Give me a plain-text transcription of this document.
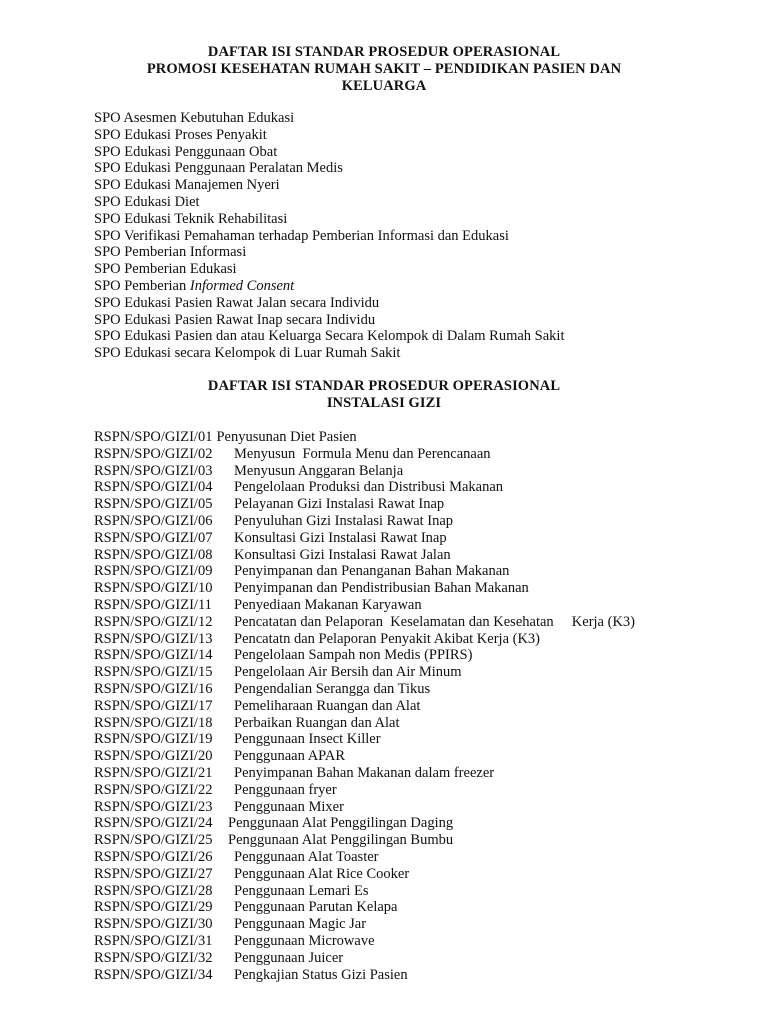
DAFTAR ISI STANDAR PROSEDUR OPERASIONAL
PROMOSI KESEHATAN RUMAH SAKIT – PENDIDIKAN PASIEN DAN
KELUARGA
SPO Asesmen Kebutuhan Edukasi
SPO Edukasi Proses Penyakit
SPO Edukasi Penggunaan Obat
SPO Edukasi Penggunaan Peralatan Medis
SPO Edukasi Manajemen Nyeri
SPO Edukasi Diet
SPO Edukasi Teknik Rehabilitasi
SPO Verifikasi Pemahaman terhadap Pemberian Informasi dan Edukasi
SPO Pemberian Informasi
SPO Pemberian Edukasi
SPO Pemberian Informed Consent
SPO Edukasi Pasien Rawat Jalan secara Individu
SPO Edukasi Pasien Rawat Inap secara Individu
SPO Edukasi Pasien dan atau Keluarga Secara Kelompok di Dalam Rumah Sakit
SPO Edukasi secara Kelompok di Luar Rumah Sakit
DAFTAR ISI STANDAR PROSEDUR OPERASIONAL
INSTALASI GIZI
RSPN/SPO/GIZI/01 Penyusunan Diet Pasien
RSPN/SPO/GIZI/02 Menyusun  Formula Menu dan Perencanaan
RSPN/SPO/GIZI/03 Menyusun Anggaran Belanja
RSPN/SPO/GIZI/04 Pengelolaan Produksi dan Distribusi Makanan
RSPN/SPO/GIZI/05 Pelayanan Gizi Instalasi Rawat Inap
RSPN/SPO/GIZI/06 Penyuluhan Gizi Instalasi Rawat Inap
RSPN/SPO/GIZI/07 Konsultasi Gizi Instalasi Rawat Inap
RSPN/SPO/GIZI/08 Konsultasi Gizi Instalasi Rawat Jalan
RSPN/SPO/GIZI/09 Penyimpanan dan Penanganan Bahan Makanan
RSPN/SPO/GIZI/10 Penyimpanan dan Pendistribusian Bahan Makanan
RSPN/SPO/GIZI/11 Penyediaan Makanan Karyawan
RSPN/SPO/GIZI/12 Pencatatan dan Pelaporan  Keselamatan dan Kesehatan     Kerja (K3)
RSPN/SPO/GIZI/13 Pencatatn dan Pelaporan Penyakit Akibat Kerja (K3)
RSPN/SPO/GIZI/14 Pengelolaan Sampah non Medis (PPIRS)
RSPN/SPO/GIZI/15 Pengelolaan Air Bersih dan Air Minum
RSPN/SPO/GIZI/16 Pengendalian Serangga dan Tikus
RSPN/SPO/GIZI/17 Pemeliharaan Ruangan dan Alat
RSPN/SPO/GIZI/18 Perbaikan Ruangan dan Alat
RSPN/SPO/GIZI/19 Penggunaan Insect Killer
RSPN/SPO/GIZI/20 Penggunaan APAR
RSPN/SPO/GIZI/21 Penyimpanan Bahan Makanan dalam freezer
RSPN/SPO/GIZI/22 Penggunaan fryer
RSPN/SPO/GIZI/23 Penggunaan Mixer
RSPN/SPO/GIZI/24 Penggunaan Alat Penggilingan Daging
RSPN/SPO/GIZI/25 Penggunaan Alat Penggilingan Bumbu
RSPN/SPO/GIZI/26 Penggunaan Alat Toaster
RSPN/SPO/GIZI/27 Penggunaan Alat Rice Cooker
RSPN/SPO/GIZI/28 Penggunaan Lemari Es
RSPN/SPO/GIZI/29 Penggunaan Parutan Kelapa
RSPN/SPO/GIZI/30 Penggunaan Magic Jar
RSPN/SPO/GIZI/31 Penggunaan Microwave
RSPN/SPO/GIZI/32 Penggunaan Juicer
RSPN/SPO/GIZI/34 Pengkajian Status Gizi Pasien
